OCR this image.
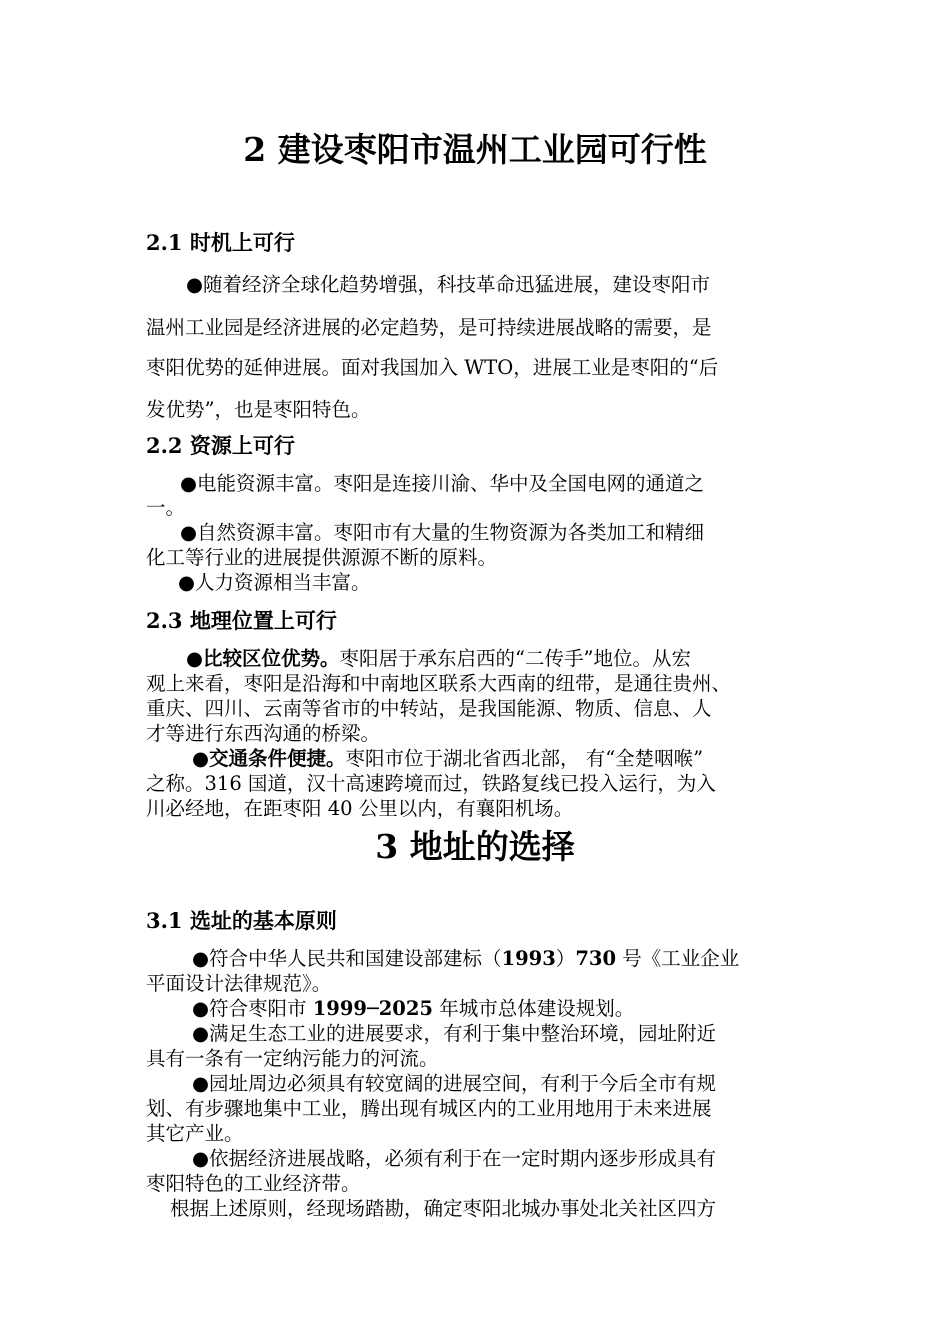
2 建设枣阳市温州工业园可行性
2.1 时机上可行
●随着经济全球化趋势增强，科技革命迅猛进展，建设枣阳市
温州工业园是经济进展的必定趋势，是可持续进展战略的需要，是
枣阳优势的延伸进展。面对我国加入 WTO，进展工业是枣阳的“后
发优势”，也是枣阳特色。
2.2 资源上可行
●电能资源丰富。枣阳是连接川渝、华中及全国电网的通道之
一。
●自然资源丰富。枣阳市有大量的生物资源为各类加工和精细
化工等行业的进展提供源源不断的原料。
●人力资源相当丰富。
2.3 地理位置上可行
●比较区位优势。枣阳居于承东启西的“二传手”地位。从宏
观上来看，枣阳是沿海和中南地区联系大西南的纽带，是通往贵州、
重庆、四川、云南等省市的中转站，是我国能源、物质、信息、人
才等进行东西沟通的桥梁。
●交通条件便捷。枣阳市位于湖北省西北部， 有“全楚咽喉”
之称。316 国道，汉十高速跨境而过，铁路复线已投入运行，为入
川必经地，在距枣阳 40 公里以内，有襄阳机场。
3 地址的选择
3.1 选址的基本原则
●符合中华人民共和国建设部建标（1993）730 号《工业企业
平面设计法律规范》。
●符合枣阳市 1999─2025 年城市总体建设规划。
●满足生态工业的进展要求，有利于集中整治环境，园址附近
具有一条有一定纳污能力的河流。
●园址周边必须具有较宽阔的进展空间，有利于今后全市有规
划、有步骤地集中工业，腾出现有城区内的工业用地用于未来进展
其它产业。
●依据经济进展战略，必须有利于在一定时期内逐步形成具有
枣阳特色的工业经济带。
根据上述原则，经现场踏勘，确定枣阳北城办事处北关社区四方
